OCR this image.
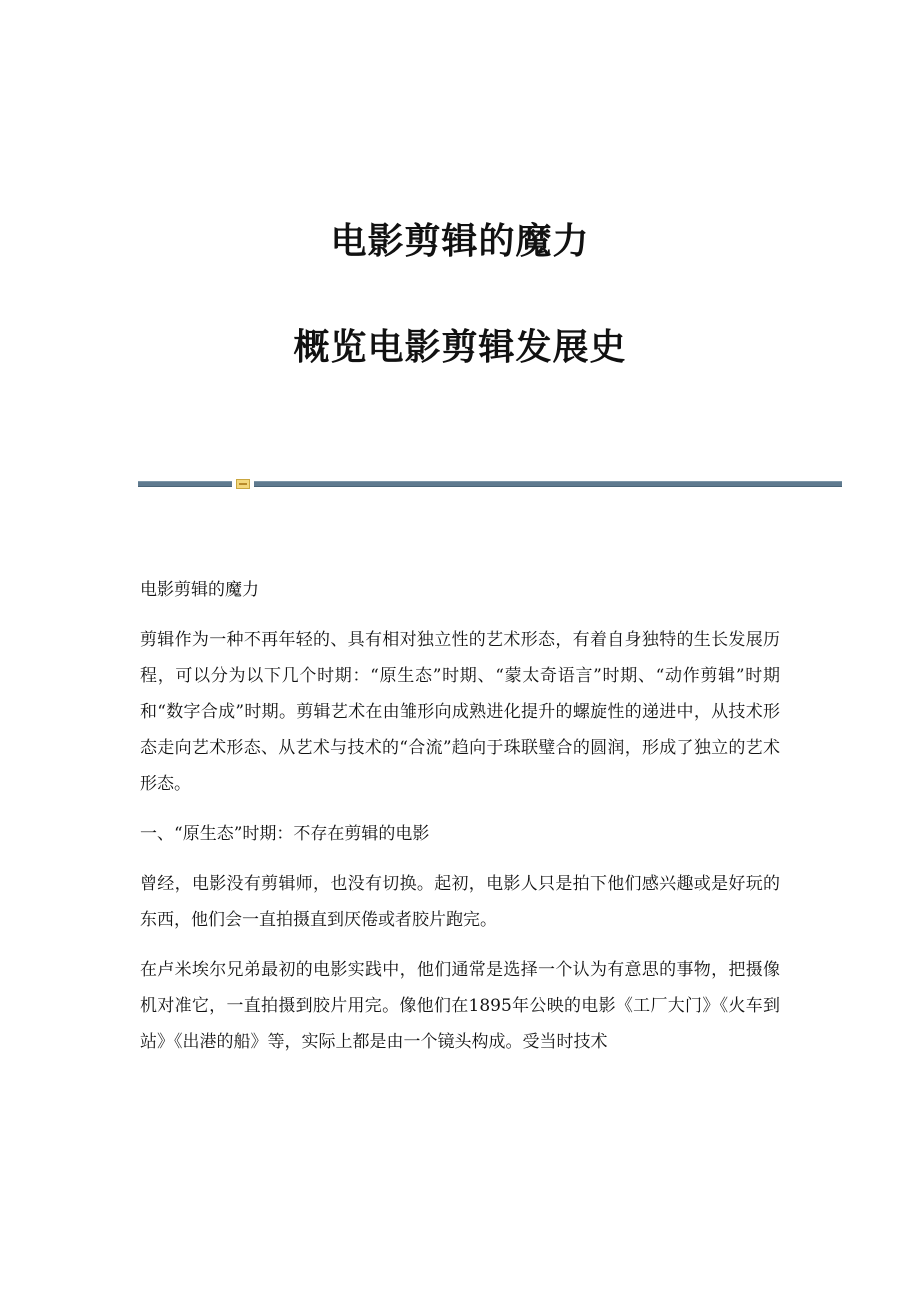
电影剪辑的魔力
概览电影剪辑发展史

电影剪辑的魔力

剪辑作为一种不再年轻的、具有相对独立性的艺术形态，有着自身独特的生长发展历程，可以分为以下几个时期：“原生态”时期、“蒙太奇语言”时期、“动作剪辑”时期和“数字合成”时期。剪辑艺术在由雏形向成熟进化提升的螺旋性的递进中，从技术形态走向艺术形态、从艺术与技术的“合流”趋向于珠联璧合的圆润，形成了独立的艺术形态。

一、“原生态”时期：不存在剪辑的电影

曾经，电影没有剪辑师，也没有切换。起初，电影人只是拍下他们感兴趣或是好玩的东西，他们会一直拍摄直到厌倦或者胶片跑完。

在卢米埃尔兄弟最初的电影实践中，他们通常是选择一个认为有意思的事物，把摄像机对准它，一直拍摄到胶片用完。像他们在1895年公映的电影《工厂大门》《火车到站》《出港的船》等，实际上都是由一个镜头构成。受当时技术
